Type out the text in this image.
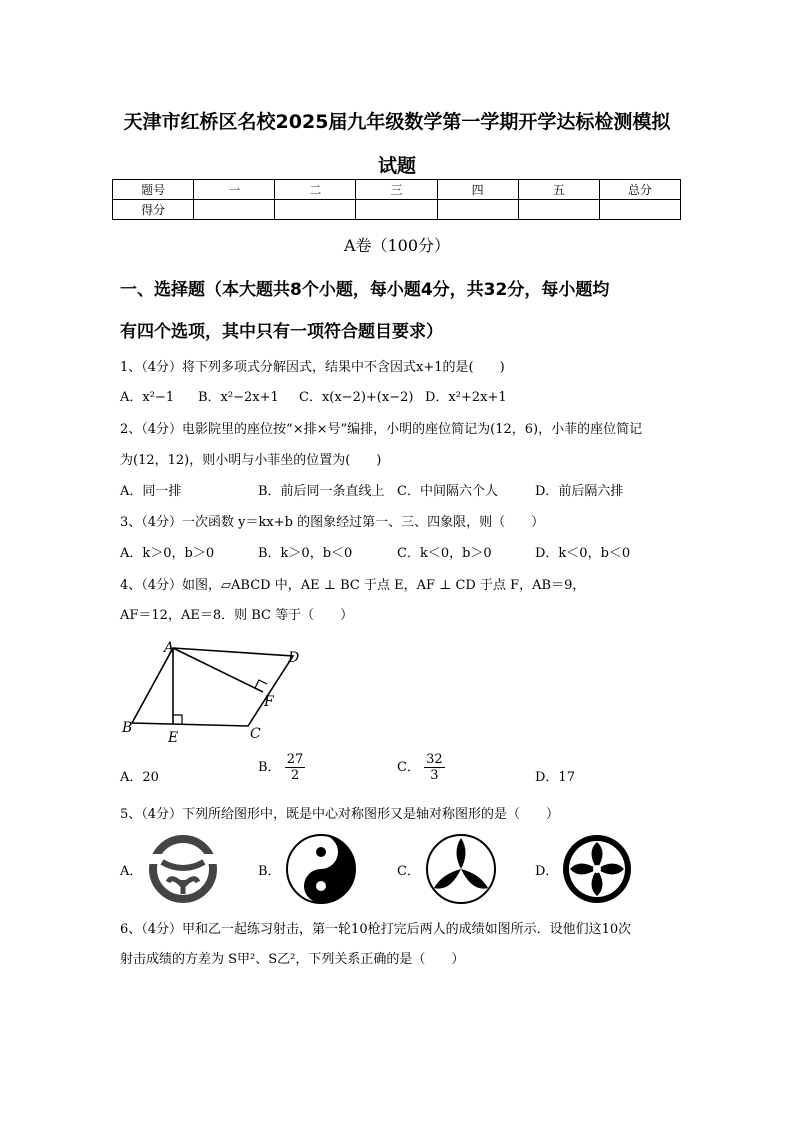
天津市红桥区名校2025届九年级数学第一学期开学达标检测模拟
试题
题号	一	二	三	四	五	总分
得分						
A卷（100分）
一、选择题（本大题共8个小题，每小题4分，共32分，每小题均
有四个选项，其中只有一项符合题目要求）
1、（4分）将下列多项式分解因式，结果中不含因式x+1的是(　　)
A．x²−1 B．x²−2x+1 C．x(x−2)+(x−2) D．x²+2x+1
2、（4分）电影院里的座位按“×排×号”编排，小明的座位简记为(12，6)，小菲的座位简记
为(12，12)，则小明与小菲坐的位置为(　　)
A．同一排	B．前后同一条直线上 C．中间隔六个人	D．前后隔六排
3、（4分）一次函数 y＝kx+b 的图象经过第一、三、四象限，则（　　）
A．k＞0，b＞0	B．k＞0，b＜0	C．k＜0，b＞0	D．k＜0，b＜0
4、（4分）如图，▱ABCD 中，AE ⊥ BC 于点 E，AF ⊥ CD 于点 F，AB＝9，
AF＝12，AE＝8．则 BC 等于（　　）
A
D
F
B
E	C
A．20
B． $\frac{27}{2}$	C． $\frac{32}{3}$	D．17
5、（4分）下列所给图形中，既是中心对称图形又是轴对称图形的是（　　）
A．	B．	C．	D．
6、（4分）甲和乙一起练习射击，第一轮10枪打完后两人的成绩如图所示．设他们这10次
射击成绩的方差为 S甲²、S乙²，下列关系正确的是（　　）
